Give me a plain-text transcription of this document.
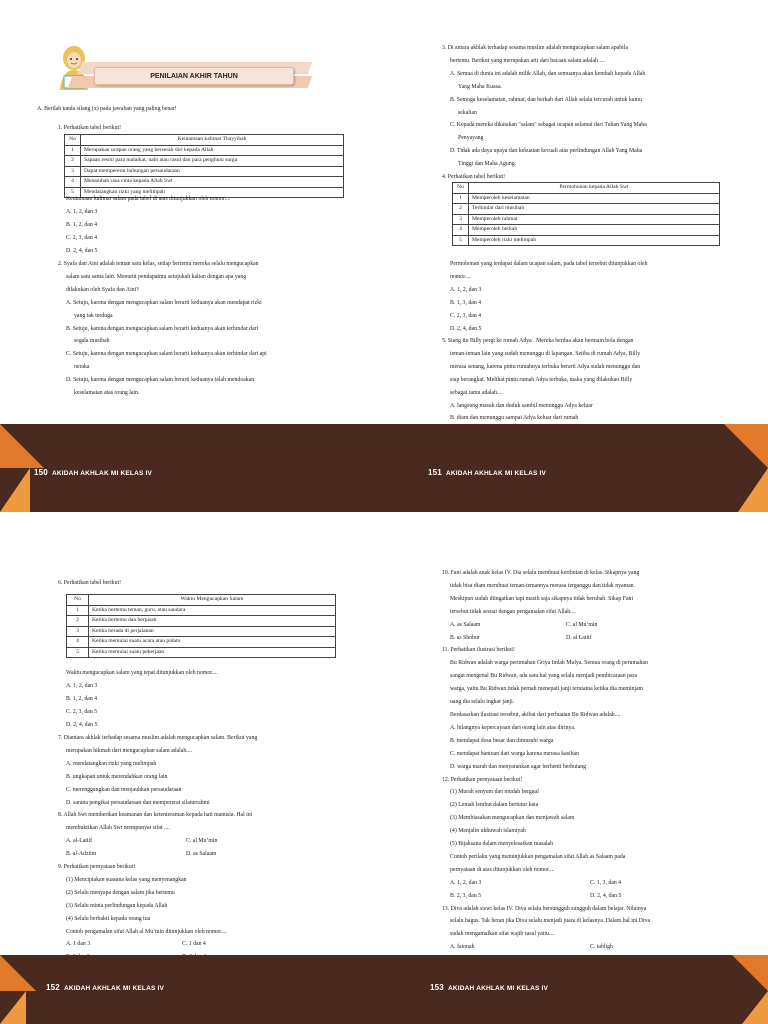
PENILAIAN AKHIR TAHUN

A. Berilah tanda silang (x) pada jawaban yang paling benar!

1. Perhatikan tabel berikut!

No	Keutamaan kalimat Thayyibah
1	Merupakan ucapan orang yang berserah diri kepada Allah
2	Sapaan resmi para malaikat, nabi atau rasul dan para penghuni surga
3	Dapat mempererat hubungan persaudaraan
4	Menambah rasa cinta kepada Allah Swt
5	Mendatangkan rizki yang melimpah

Keutamaan kalimat salam pada tabel di atas ditunjukkan oleh nomor....

A. 1, 2, dan 3

B. 1, 2, dan 4

C. 2, 3, dan 4

D. 2, 4, dan 5

2. Syafa dan Aini adalah teman satu kelas, setiap bertemu mereka selalu mengucapkan

salam satu sama lain. Menurut pendapatmu setujukah kalian dengan apa yang

dilakukan oleh Syafa dan Aini?

A. Setuju, karena dengan mengucapkan salam berarti keduanya akan mendapat rizki

yang tak terduga

B. Setuju, karena dengan mengucapkan salam berarti keduanya akan terhindar dari

segala musibah

C. Setuju, karena dengan mengucapkan salam berarti keduanya akan terhindar dari api

neraka

D. Setuju, karena dengan mengucapkan salam berarti keduanya telah mendoakan

keselamatan atas orang lain.

150 AKIDAH AKHLAK MI KELAS IV

3. Di antara akhlak terhadap sesama muslim adalah mengucapkan salam apabila

bertemu. Berikut yang merupakan arti dari bacaan salam adalah ....

A. Semua di dunia ini adalah milik Allah, dan semuanya akan kembali kepada Allah

Yang Maha Kuasa.

B. Semoga keselamatan, rahmat, dan berkah dari Allah selalu tercurah untuk kamu

sekalian

C. Kepada mereka dikatakan "salam" sebagai ucapan selamat dari Tuhan Yang Maha

Penyayang

D. Tidak ada daya upaya dan kekuatan kecuali atas perlindungan Allah Yang Maha

Tinggi dan Maha Agung.

4. Perhatikan tabel berikut!

No	Permohonan kepada Allah Swt
1	Memperoleh keselamatan
2	Terhindar dari musibah
3	Memperoleh rahmat
4	Memperoleh berkah
5	Memperoleh rizki melimpah

Permohonan yang terdapat dalam ucapan salam, pada tabel tersebut ditunjukkan oleh

nomor....

A. 1, 2, dan 3

B. 1, 3, dan 4

C. 2, 3, dan 4

D. 2, 4, dan 5

5. Siang itu Billy pergi ke rumah Adya . Mereka berdua akan bermain bola dengan

teman-teman lain yang sudah menunggu di lapangan. Setiba di rumah Adya, Billy

merasa senang, karena pintu rumahnya terbuka berarti Adya sudah menunggu dan

siap berangkat. Melihat pintu rumah Adya terbuka, maka yang dilakukan Billy

sebagai tamu adalah....

A. langsung masuk dan duduk sambil menunggu Adya keluar

B. diam dan menunggu sampai Adya keluar dari rumah

151 AKIDAH AKHLAK MI KELAS IV

6. Perhatikan tabel berikut!

No	Waktu Mengucapkan Salam
1	Ketika bertemu teman, guru, atau saudara
2	Ketika bertemu dan berpisah
3	Ketika berada di perjalanan
4	Ketika memulai suatu acara atau pidato
5	Ketika memulai suatu pekerjaan

Waktu mengucapkan salam yang tepat ditunjukkan oleh nomor....

A. 1, 2, dan 3

B. 1, 2, dan 4

C. 2, 3, dan 5

D. 2, 4, dan 5

7. Diantara akhlak terhadap sesama muslim adalah mengucapkan salam. Berikut yang

merupakan hikmah dari mengucapkan salam adalah....

A. mendatangkan rizki yang melimpah

B. ungkapan untuk merendahkan orang lain

C. merenggangkan dan menjauhkan persaudaraan

D. sarana pengikat persaudaraan dan mempererat silaturrahmi

8. Allah Swt memberikan keamanan dan ketenteraman kepada hati manusia. Hal ini

membuktikan Allah Swt mempunyai sifat ....

A. al-Latiif	C. al Mu’min

B. al-Adziim	D. as Salaam

9. Perhatikan pernyataan berikut!

(1) Menciptakan suasana kelas yang menyenangkan

(2) Selalu menyapa dengan salam jika bertemu

(3) Selalu minta perlindungan kepada Allah

(4) Selalu berbakti kepada orang tua

Contoh pengamalan sifat Allah al Mu’min ditunjukkan oleh nomor....

A. 1 dan 3	C. 1 dan 4

152 AKIDAH AKHLAK MI KELAS IV

10. Fani adalah anak kelas IV. Dia selalu membuat keributan di kelas. Sikapnya yang

tidak bisa diam membuat teman-temannya merasa terganggu dan tidak nyaman.

Meskipun sudah diingatkan tapi masih saja sikapnya tidak berubah. Sikap Fani

tersebut tidak sesuai dengan pengamalan sifat Allah....

A. as Salaam	C. al Mu’min

B. as Shobur	D. al Latiif

11. Perhatikan ilustrasi berikut!

Bu Ridwan adalah warga perumahan Griya Indah Mulya. Semua orang di perumahan

sangat mengenal Bu Ridwan, ada satu hal yang selalu menjadi pembicaraan para

warga, yaitu Bu Ridwan tidak pernah menepati janji terutama ketika dia meminjam

uang dia selalu ingkar janji.

Berdasarkan ilustrasi tersebut, akibat dari perbuatan Bu Ridwan adalah....

A. hilangnya kepercayaan dari orang lain atas dirinya.

B. mendapat dosa besar dan dimusuhi warga

C. mendapat bantuan dari warga karena merasa kasihan

D. warga marah dan menyarankan agar berhenti berhutang

12. Perhatikan pernyataan berikut!

(1) Murah senyum dan mudah bergaul

(2) Lemah lembut dalam bertutur kata

(3) Membiasakan mengucapkan dan menjawab salam

(4) Menjalin ukhuwah islamiyah

(5) Bijaksana dalam menyelesaikan masalah

Contoh perilaku yang menunjukkan pengamalan sifat Allah as Salaam pada

pernyataan di atas ditunjukkan oleh nomor....

A. 1, 2, dan 3	C. 1, 3, dan 4

B. 2, 3, dan 5	D. 2, 4, dan 5

13. Diva adalah siswi kelas IV. Diva selalu bersungguh sungguh dalam belajar. Nilainya

selalu bagus. Tak heran jika Diva selalu menjadi juara di kelasnya. Dalam hal ini Diva

sudah mengamalkan sifat wajib rasul yaitu....

A. fatonah	C. tabligh

153 AKIDAH AKHLAK MI KELAS IV
